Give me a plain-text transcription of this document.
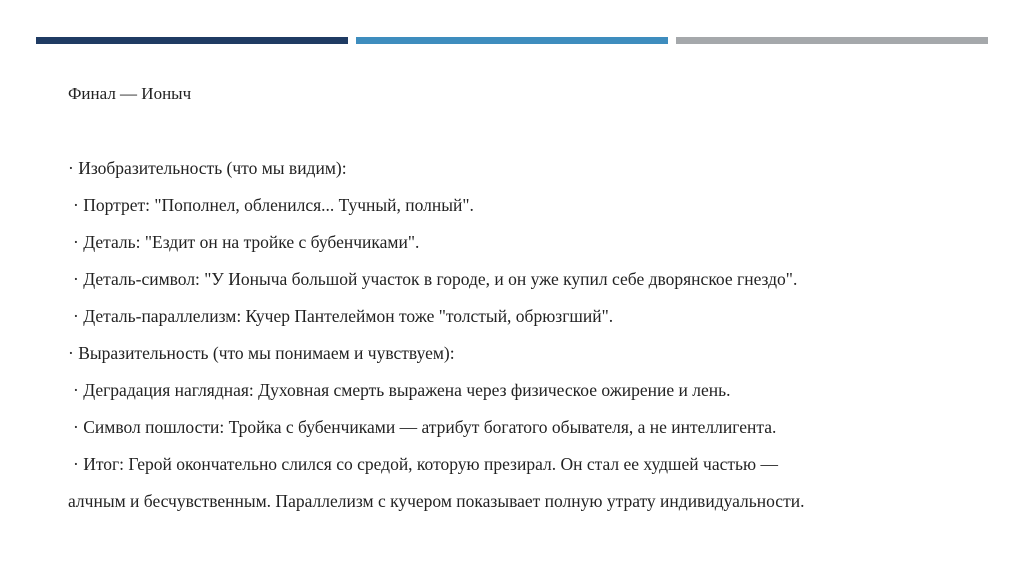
Финал — Ионыч
· Изобразительность (что мы видим):
· Портрет: "Пополнел, обленился... Тучный, полный".
· Деталь: "Ездит он на тройке с бубенчиками".
· Деталь-символ: "У Ионыча большой участок в городе, и он уже купил себе дворянское гнездо".
· Деталь-параллелизм: Кучер Пантелеймон тоже "толстый, обрюзгший".
· Выразительность (что мы понимаем и чувствуем):
· Деградация наглядная: Духовная смерть выражена через физическое ожирение и лень.
· Символ пошлости: Тройка с бубенчиками — атрибут богатого обывателя, а не интеллигента.
· Итог: Герой окончательно слился со средой, которую презирал. Он стал ее худшей частью —
алчным и бесчувственным. Параллелизм с кучером показывает полную утрату индивидуальности.
